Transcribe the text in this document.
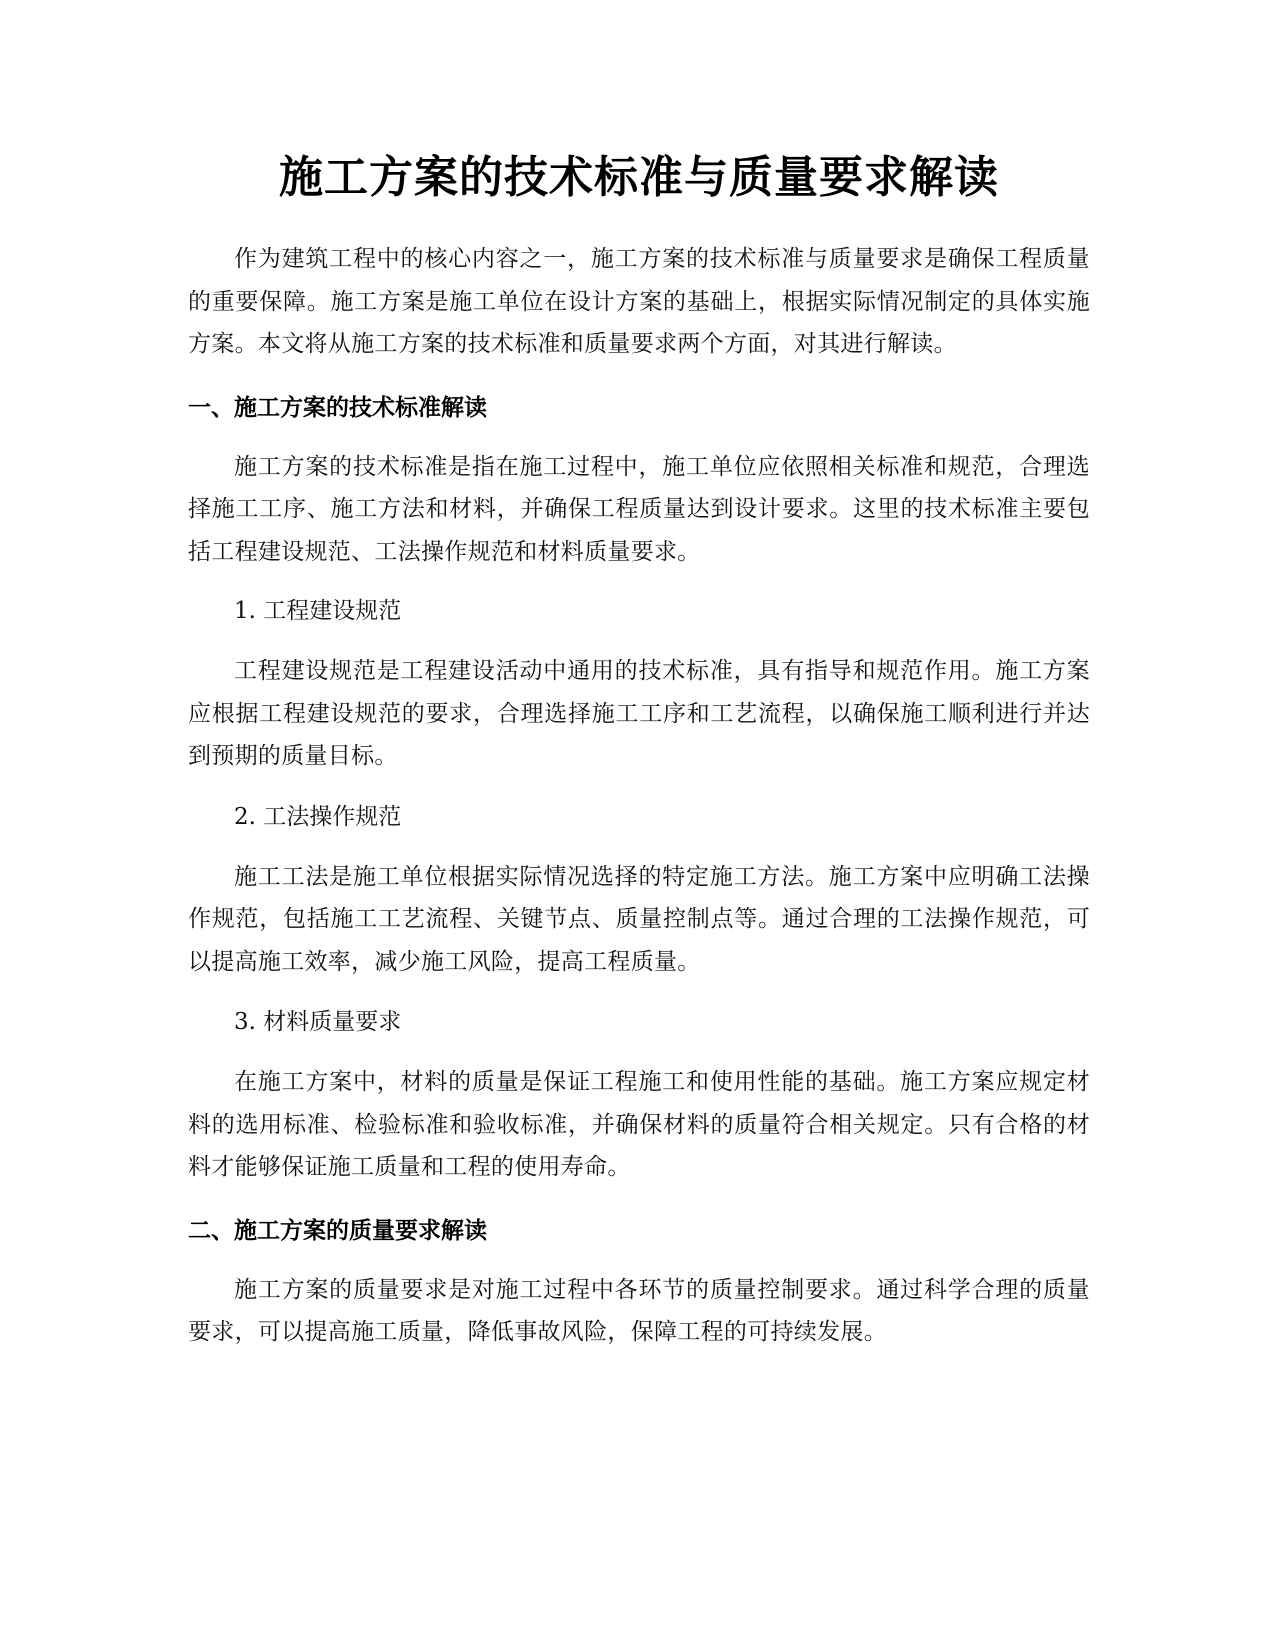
施工方案的技术标准与质量要求解读

作为建筑工程中的核心内容之一，施工方案的技术标准与质量要求是确保工程质量的重要保障。施工方案是施工单位在设计方案的基础上，根据实际情况制定的具体实施方案。本文将从施工方案的技术标准和质量要求两个方面，对其进行解读。

一、施工方案的技术标准解读

施工方案的技术标准是指在施工过程中，施工单位应依照相关标准和规范，合理选择施工工序、施工方法和材料，并确保工程质量达到设计要求。这里的技术标准主要包括工程建设规范、工法操作规范和材料质量要求。

1. 工程建设规范

工程建设规范是工程建设活动中通用的技术标准，具有指导和规范作用。施工方案应根据工程建设规范的要求，合理选择施工工序和工艺流程，以确保施工顺利进行并达到预期的质量目标。

2. 工法操作规范

施工工法是施工单位根据实际情况选择的特定施工方法。施工方案中应明确工法操作规范，包括施工工艺流程、关键节点、质量控制点等。通过合理的工法操作规范，可以提高施工效率，减少施工风险，提高工程质量。

3. 材料质量要求

在施工方案中，材料的质量是保证工程施工和使用性能的基础。施工方案应规定材料的选用标准、检验标准和验收标准，并确保材料的质量符合相关规定。只有合格的材料才能够保证施工质量和工程的使用寿命。

二、施工方案的质量要求解读

施工方案的质量要求是对施工过程中各环节的质量控制要求。通过科学合理的质量要求，可以提高施工质量，降低事故风险，保障工程的可持续发展。
